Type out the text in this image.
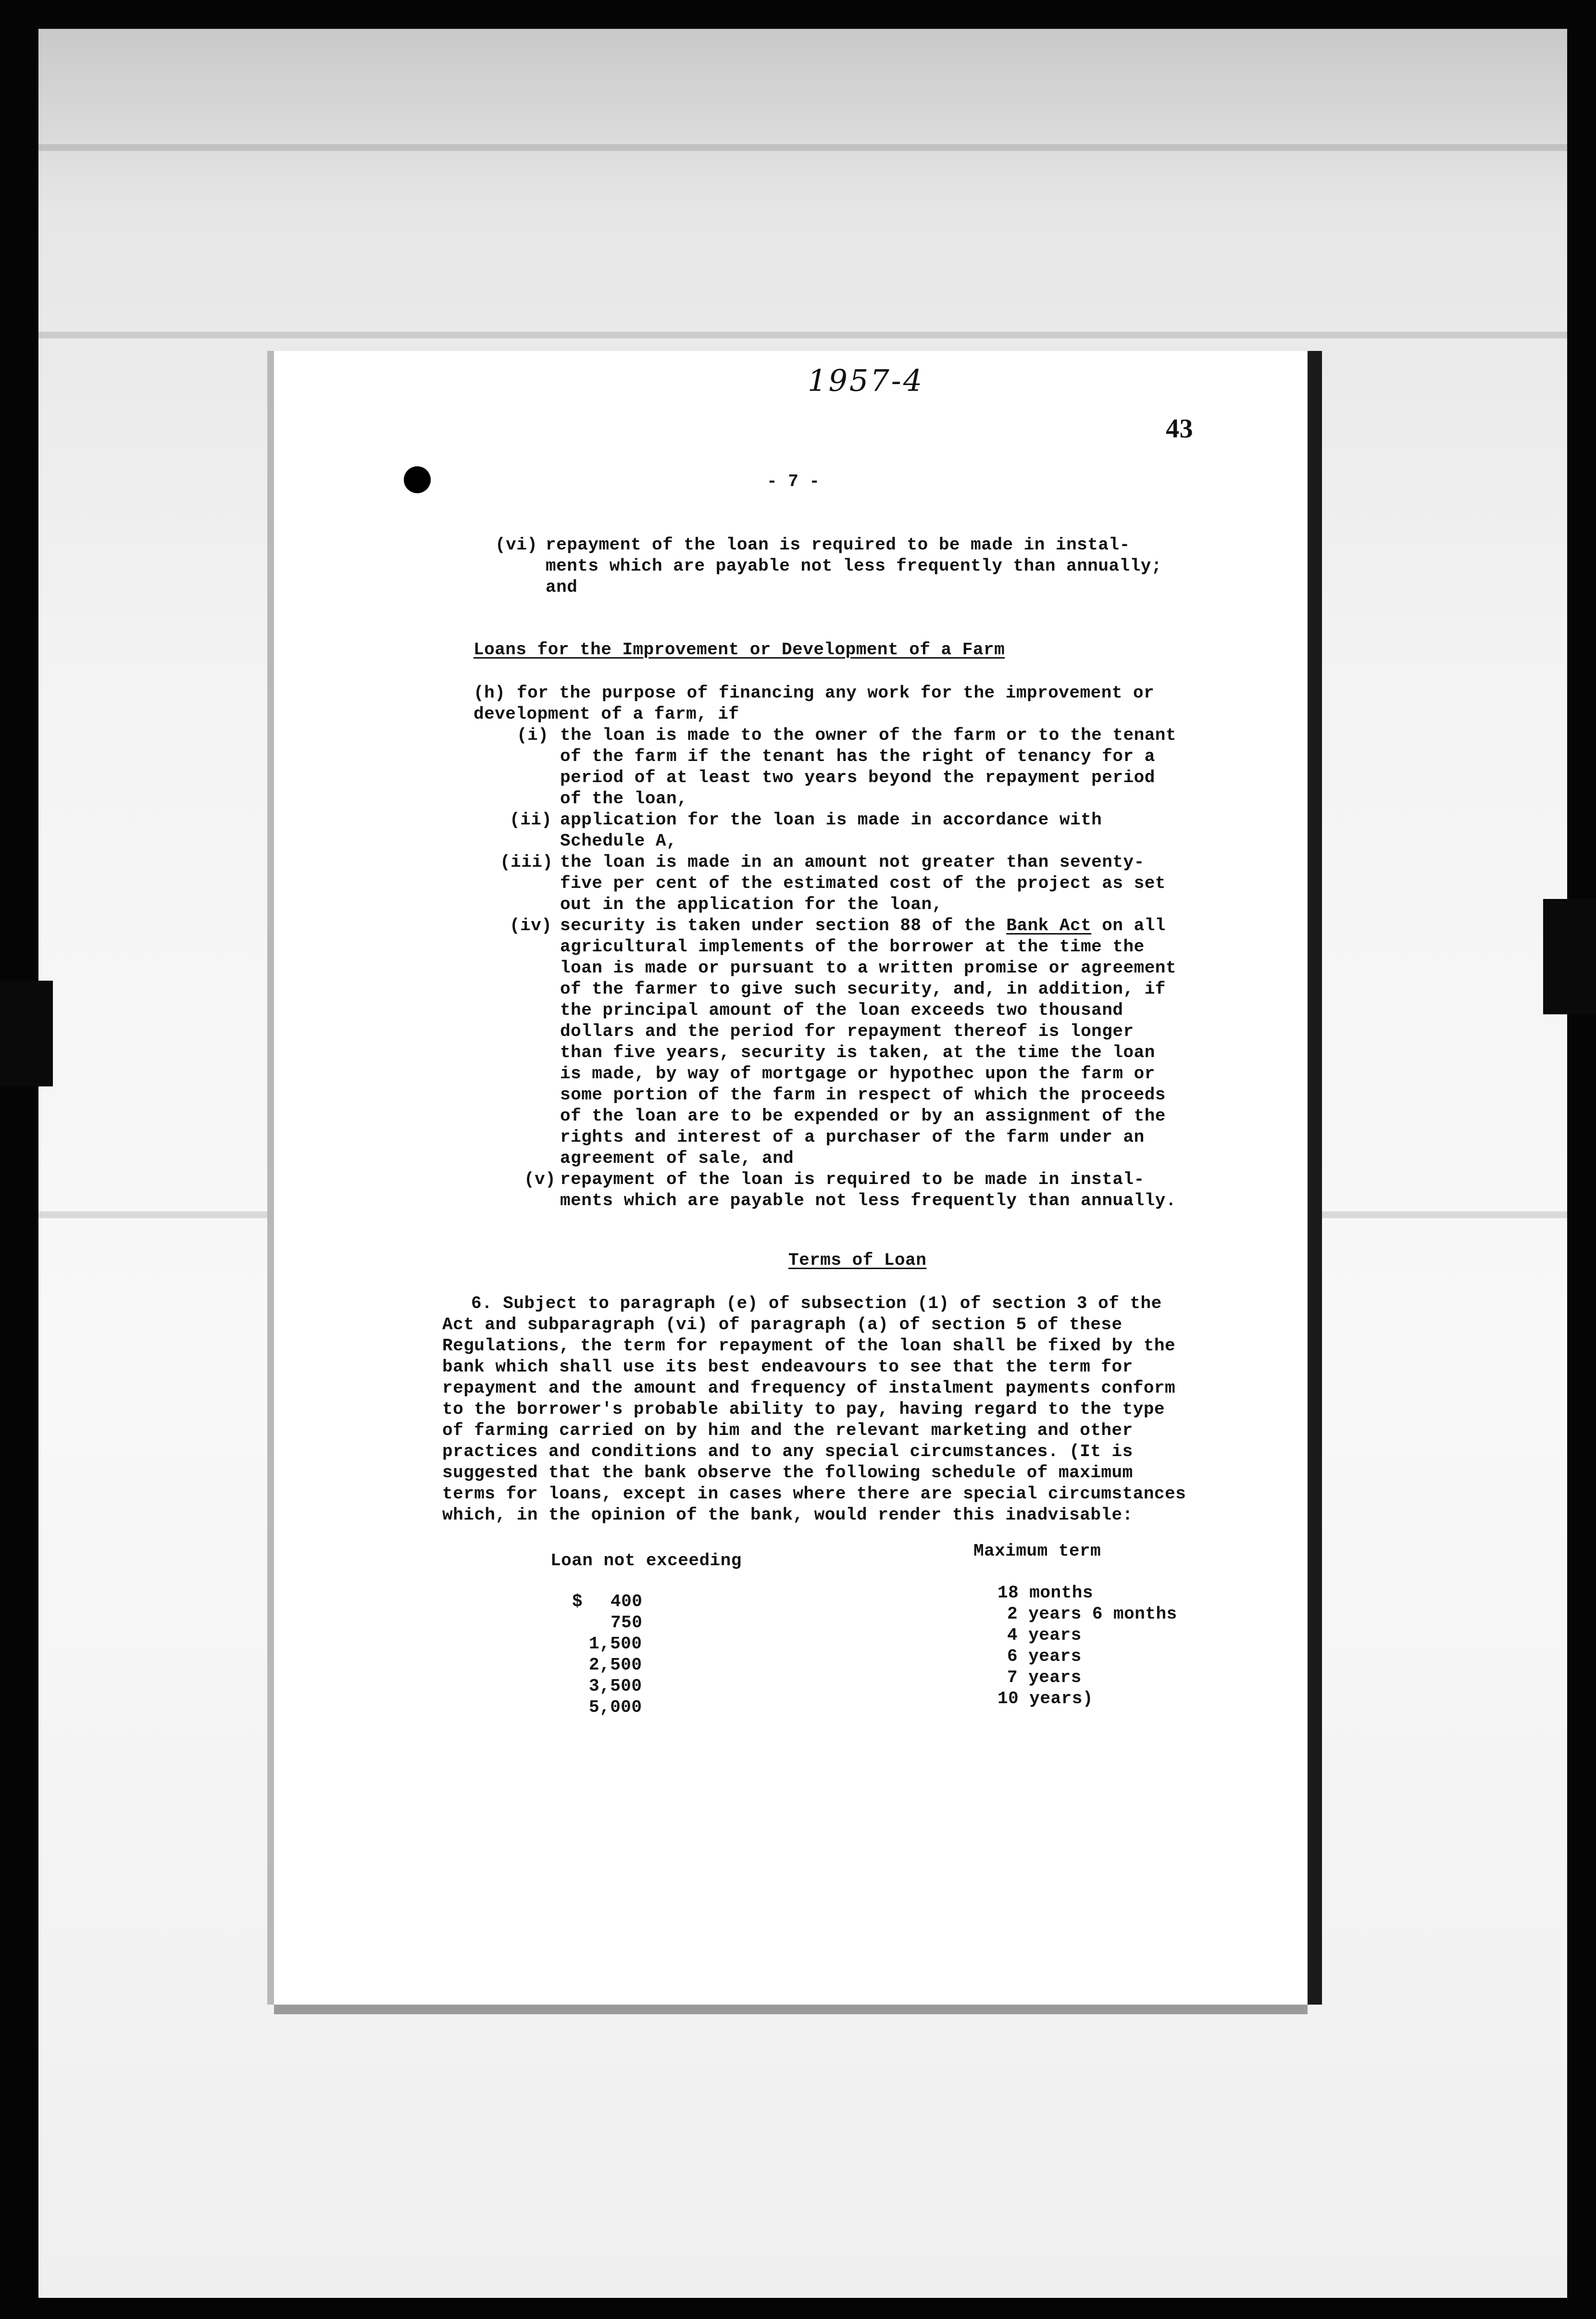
1957-4
43
- 7 -
(vi) repayment of the loan is required to be made in instal-
ments which are payable not less frequently than annually;
and
Loans for the Improvement or Development of a Farm
(h) for the purpose of financing any work for the improvement or
development of a farm, if
(i) the loan is made to the owner of the farm or to the tenant
of the farm if the tenant has the right of tenancy for a
period of at least two years beyond the repayment period
of the loan,
(ii) application for the loan is made in accordance with
Schedule A,
(iii) the loan is made in an amount not greater than seventy-
five per cent of the estimated cost of the project as set
out in the application for the loan,
(iv) security is taken under section 88 of the Bank Act on all
agricultural implements of the borrower at the time the
loan is made or pursuant to a written promise or agreement
of the farmer to give such security, and, in addition, if
the principal amount of the loan exceeds two thousand
dollars and the period for repayment thereof is longer
than five years, security is taken, at the time the loan
is made, by way of mortgage or hypothec upon the farm or
some portion of the farm in respect of which the proceeds
of the loan are to be expended or by an assignment of the
rights and interest of a purchaser of the farm under an
agreement of sale, and
(v) repayment of the loan is required to be made in instal-
ments which are payable not less frequently than annually.
Terms of Loan
6. Subject to paragraph (e) of subsection (1) of section 3 of the
Act and subparagraph (vi) of paragraph (a) of section 5 of these
Regulations, the term for repayment of the loan shall be fixed by the
bank which shall use its best endeavours to see that the term for
repayment and the amount and frequency of instalment payments conform
to the borrower's probable ability to pay, having regard to the type
of farming carried on by him and the relevant marketing and other
practices and conditions and to any special circumstances. (It is
suggested that the bank observe the following schedule of maximum
terms for loans, except in cases where there are special circumstances
which, in the opinion of the bank, would render this inadvisable:
Loan not exceeding	Maximum term
$ 400
750
1,500
2,500
3,500
5,000
18 months
2 years 6 months
4 years
6 years
7 years
10 years)
